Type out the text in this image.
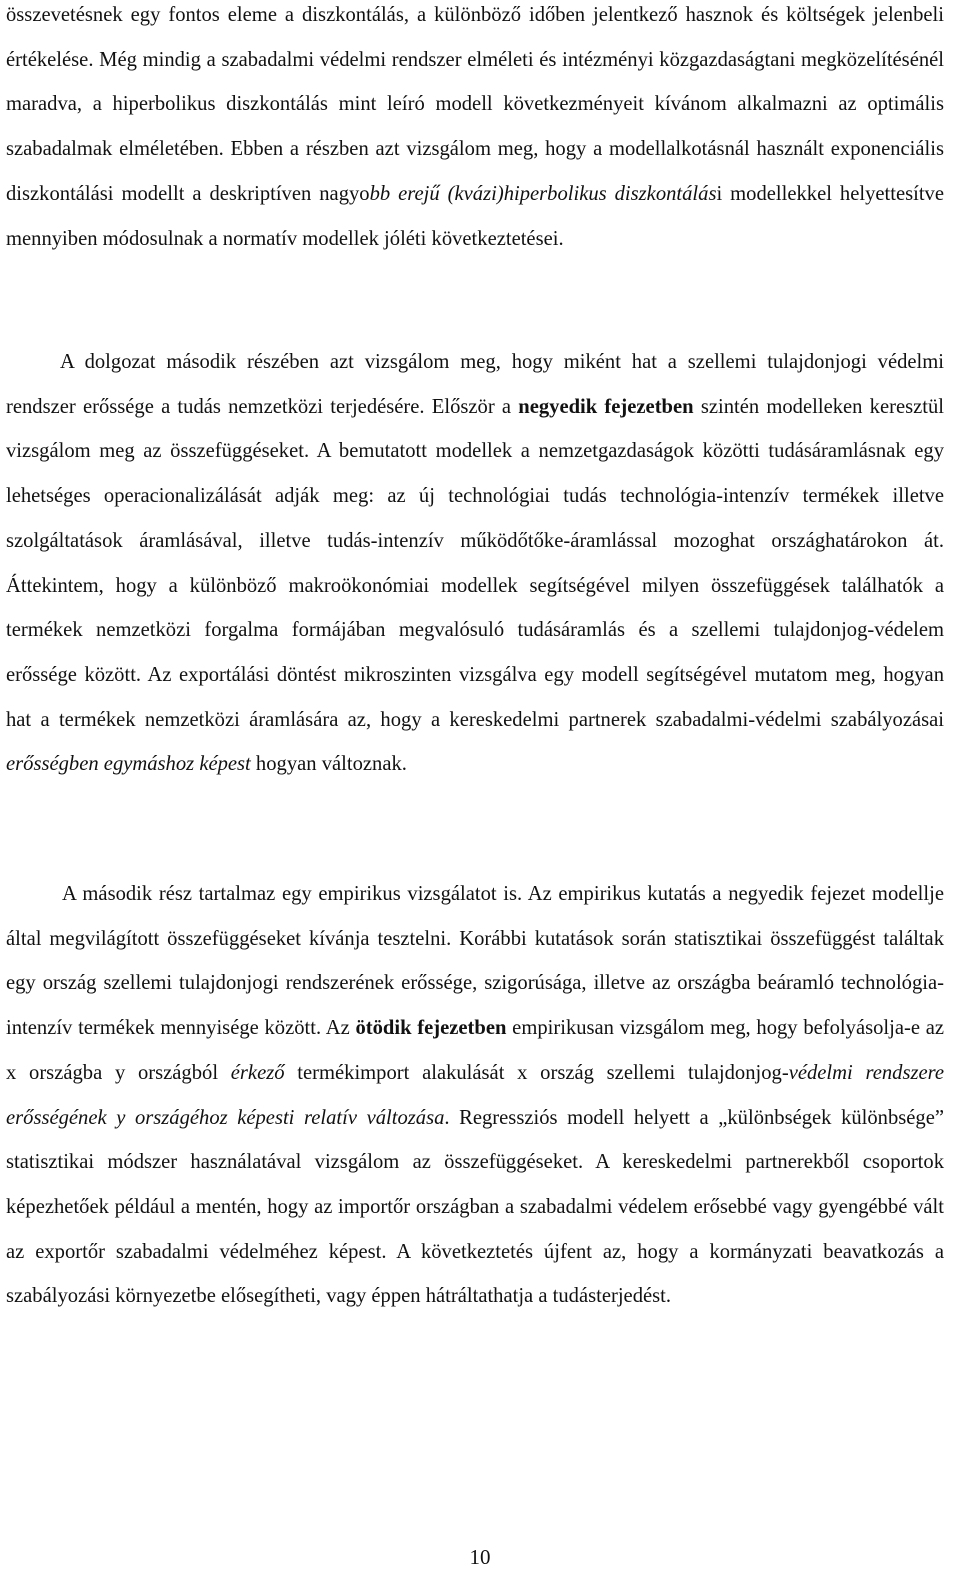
összevetésnek egy fontos eleme a diszkontálás, a különböző időben jelentkező hasznok és költségek jelenbeli értékelése. Még mindig a szabadalmi védelmi rendszer elméleti és intézményi közgazdaságtani megközelítésénél maradva, a hiperbolikus diszkontálás mint leíró modell következményeit kívánom alkalmazni az optimális szabadalmak elméletében. Ebben a részben azt vizsgálom meg, hogy a modellalkotásnál használt exponenciális diszkontálási modellt a deskriptíven nagyobb erejű (kvázi)hiperbolikus diszkontálási modellekkel helyettesítve mennyiben módosulnak a normatív modellek jóléti következtetései.

A dolgozat második részében azt vizsgálom meg, hogy miként hat a szellemi tulajdonjogi védelmi rendszer erőssége a tudás nemzetközi terjedésére. Először a negyedik fejezetben szintén modelleken keresztül vizsgálom meg az összefüggéseket. A bemutatott modellek a nemzetgazdaságok közötti tudásáramlásnak egy lehetséges operacionalizálását adják meg: az új technológiai tudás technológia-intenzív termékek illetve szolgáltatások áramlásával, illetve tudás-intenzív működőtőke-áramlással mozoghat országhatárokon át. Áttekintem, hogy a különböző makroökonómiai modellek segítségével milyen összefüggések találhatók a termékek nemzetközi forgalma formájában megvalósuló tudásáramlás és a szellemi tulajdonjog-védelem erőssége között. Az exportálási döntést mikroszinten vizsgálva egy modell segítségével mutatom meg, hogyan hat a termékek nemzetközi áramlására az, hogy a kereskedelmi partnerek szabadalmi-védelmi szabályozásai erősségben egymáshoz képest hogyan változnak.

A második rész tartalmaz egy empirikus vizsgálatot is. Az empirikus kutatás a negyedik fejezet modellje által megvilágított összefüggéseket kívánja tesztelni. Korábbi kutatások során statisztikai összefüggést találtak egy ország szellemi tulajdonjogi rendszerének erőssége, szigorúsága, illetve az országba beáramló technológia-intenzív termékek mennyisége között. Az ötödik fejezetben empirikusan vizsgálom meg, hogy befolyásolja-e az x országba y országból érkező termékimport alakulását x ország szellemi tulajdonjog-védelmi rendszere erősségének y országéhoz képesti relatív változása. Regressziós modell helyett a „különbségek különbsége” statisztikai módszer használatával vizsgálom az összefüggéseket. A kereskedelmi partnerekből csoportok képezhetőek például a mentén, hogy az importőr országban a szabadalmi védelem erősebbé vagy gyengébbé vált az exportőr szabadalmi védelméhez képest. A következtetés újfent az, hogy a kormányzati beavatkozás a szabályozási környezetbe elősegítheti, vagy éppen hátráltathatja a tudásterjedést.

10
